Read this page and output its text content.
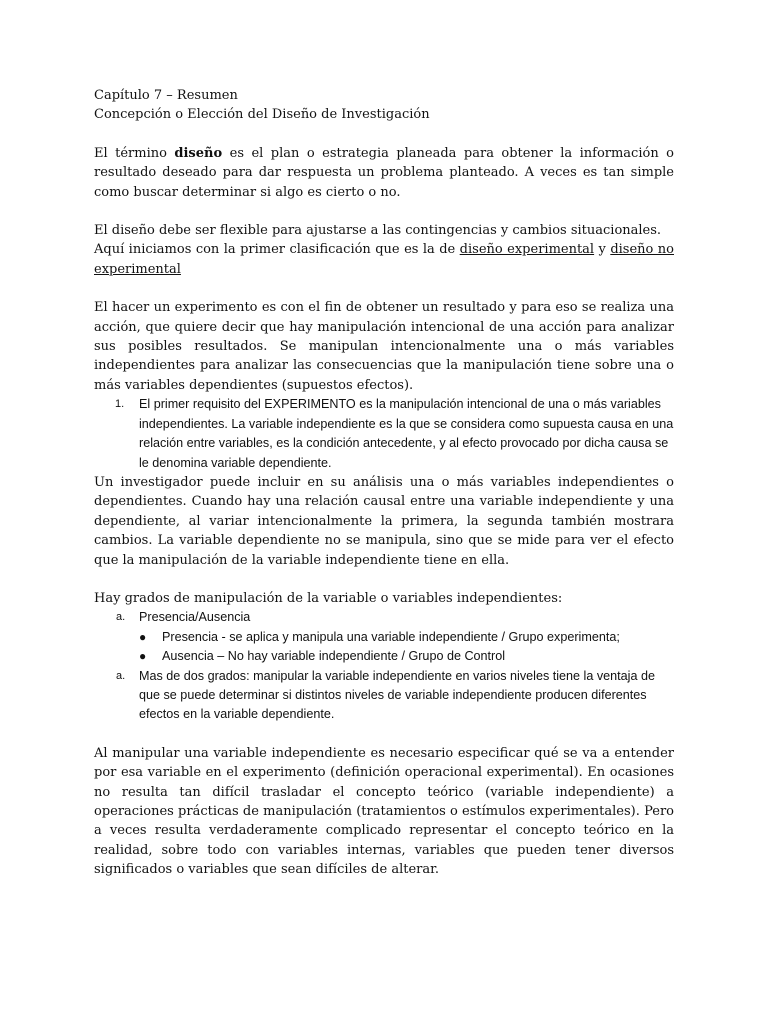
Capítulo 7 – Resumen
Concepción o Elección del Diseño de Investigación

El término diseño es el plan o estrategia planeada para obtener la información o resultado deseado para dar respuesta un problema planteado. A veces es tan simple como buscar determinar si algo es cierto o no.

El diseño debe ser flexible para ajustarse a las contingencias y cambios situacionales.
Aquí iniciamos con la primer clasificación que es la de diseño experimental y diseño no experimental

El hacer un experimento es con el fin de obtener un resultado y para eso se realiza una acción, que quiere decir que hay manipulación intencional de una acción para analizar sus posibles resultados. Se manipulan intencionalmente una o más variables independientes para analizar las consecuencias que la manipulación tiene sobre una o más variables dependientes (supuestos efectos).

1. El primer requisito del EXPERIMENTO es la manipulación intencional de una o más variables independientes. La variable independiente es la que se considera como supuesta causa en una relación entre variables, es la condición antecedente, y al efecto provocado por dicha causa se le denomina variable dependiente.

Un investigador puede incluir en su análisis una o más variables independientes o dependientes. Cuando hay una relación causal entre una variable independiente y una dependiente, al variar intencionalmente la primera, la segunda también mostrara cambios. La variable dependiente no se manipula, sino que se mide para ver el efecto que la manipulación de la variable independiente tiene en ella.

Hay grados de manipulación de la variable o variables independientes:

a. Presencia/Ausencia
● Presencia - se aplica y manipula una variable independiente / Grupo experimenta;
● Ausencia – No hay variable independiente / Grupo de Control
a. Mas de dos grados: manipular la variable independiente en varios niveles tiene la ventaja de que se puede determinar si distintos niveles de variable independiente producen diferentes efectos en la variable dependiente.

Al manipular una variable independiente es necesario especificar qué se va a entender por esa variable en el experimento (definición operacional experimental). En ocasiones no resulta tan difícil trasladar el concepto teórico (variable independiente) a operaciones prácticas de manipulación (tratamientos o estímulos experimentales). Pero a veces resulta verdaderamente complicado representar el concepto teórico en la realidad, sobre todo con variables internas, variables que pueden tener diversos significados o variables que sean difíciles de alterar.
